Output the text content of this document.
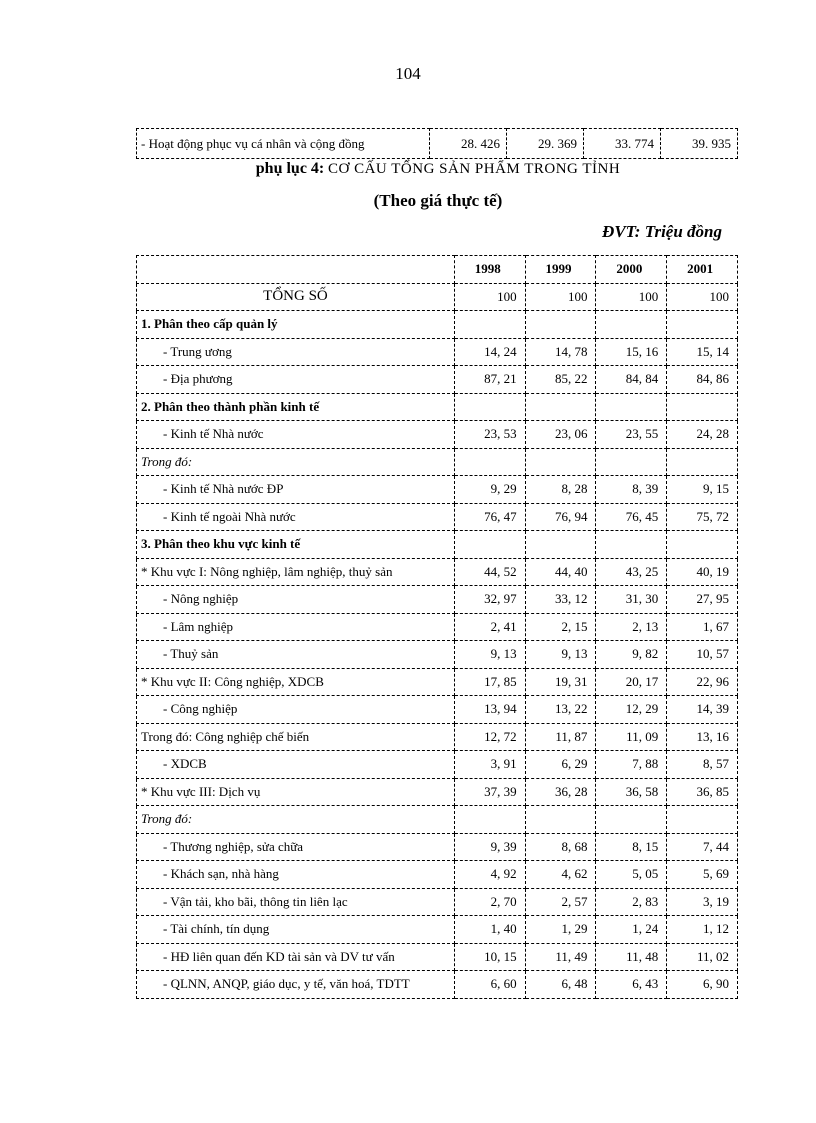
104
- Hoạt động phục vụ cá nhân và cộng đồng	28. 426	29. 369	33. 774	39. 935
phụ lục 4: CƠ CẤU TỔNG SẢN PHẨM TRONG TỈNH
(Theo giá thực tế)
ĐVT: Triệu đồng
	1998	1999	2000	2001
TỔNG SỐ	100	100	100	100
1. Phân theo cấp quản lý				
- Trung ương	14, 24	14, 78	15, 16	15, 14
- Địa phương	87, 21	85, 22	84, 84	84, 86
2. Phân theo thành phần kinh tế				
- Kinh tế Nhà nước	23, 53	23, 06	23, 55	24, 28
Trong đó:				
- Kinh tế Nhà nước ĐP	9, 29	8, 28	8, 39	9, 15
- Kinh tế ngoài Nhà nước	76, 47	76, 94	76, 45	75, 72
3. Phân theo khu vực kinh tế				
* Khu vực I: Nông nghiệp, lâm nghiệp, thuỷ sản	44, 52	44, 40	43, 25	40, 19
- Nông nghiệp	32, 97	33, 12	31, 30	27, 95
- Lâm nghiệp	2, 41	2, 15	2, 13	1, 67
- Thuỷ sản	9, 13	9, 13	9, 82	10, 57
* Khu vực II: Công nghiệp, XDCB	17, 85	19, 31	20, 17	22, 96
- Công nghiệp	13, 94	13, 22	12, 29	14, 39
Trong đó: Công nghiệp chế biến	12, 72	11, 87	11, 09	13, 16
- XDCB	3, 91	6, 29	7, 88	8, 57
* Khu vực III: Dịch vụ	37, 39	36, 28	36, 58	36, 85
Trong đó:				
- Thương nghiệp, sửa chữa	9, 39	8, 68	8, 15	7, 44
- Khách sạn, nhà hàng	4, 92	4, 62	5, 05	5, 69
- Vận tải, kho bãi, thông tin liên lạc	2, 70	2, 57	2, 83	3, 19
- Tài chính, tín dụng	1, 40	1, 29	1, 24	1, 12
- HĐ liên quan đến KD tài sản và DV tư vấn	10, 15	11, 49	11, 48	11, 02
- QLNN, ANQP, giáo dục, y tế, văn hoá, TDTT	6, 60	6, 48	6, 43	6, 90
